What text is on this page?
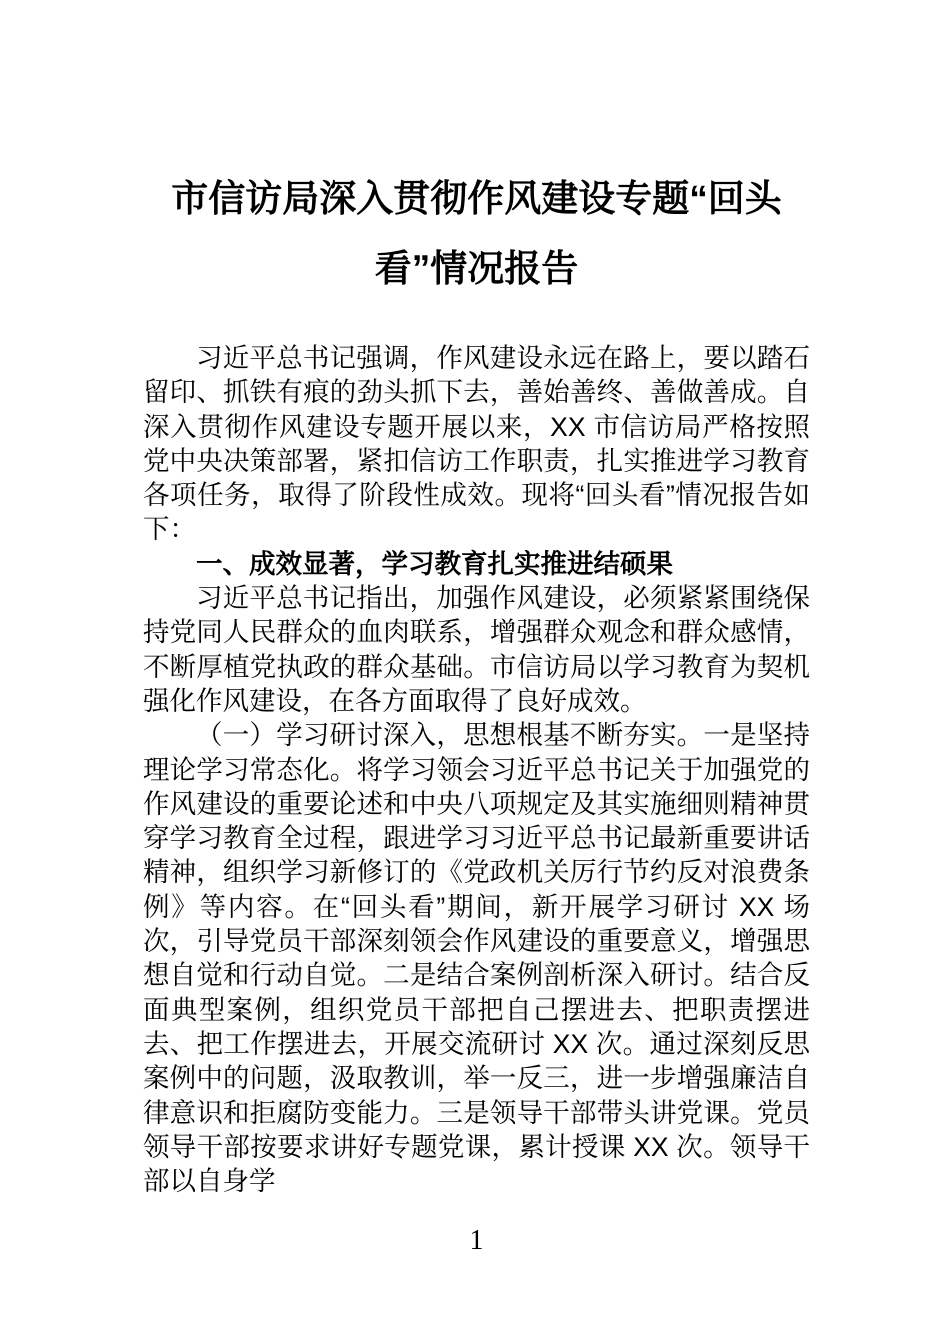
市信访局深入贯彻作风建设专题“回头
看”情况报告

习近平总书记强调，作风建设永远在路上，要以踏石留印、抓铁有痕的劲头抓下去，善始善终、善做善成。自深入贯彻作风建设专题开展以来，XX 市信访局严格按照党中央决策部署，紧扣信访工作职责，扎实推进学习教育各项任务，取得了阶段性成效。现将“回头看”情况报告如下：

一、成效显著，学习教育扎实推进结硕果

习近平总书记指出，加强作风建设，必须紧紧围绕保持党同人民群众的血肉联系，增强群众观念和群众感情，不断厚植党执政的群众基础。市信访局以学习教育为契机强化作风建设，在各方面取得了良好成效。

（一）学习研讨深入，思想根基不断夯实。一是坚持理论学习常态化。将学习领会习近平总书记关于加强党的作风建设的重要论述和中央八项规定及其实施细则精神贯穿学习教育全过程，跟进学习习近平总书记最新重要讲话精神，组织学习新修订的《党政机关厉行节约反对浪费条例》等内容。在“回头看”期间，新开展学习研讨 XX 场次，引导党员干部深刻领会作风建设的重要意义，增强思想自觉和行动自觉。二是结合案例剖析深入研讨。结合反面典型案例，组织党员干部把自己摆进去、把职责摆进去、把工作摆进去，开展交流研讨 XX 次。通过深刻反思案例中的问题，汲取教训，举一反三，进一步增强廉洁自律意识和拒腐防变能力。三是领导干部带头讲党课。党员领导干部按要求讲好专题党课，累计授课 XX 次。领导干部以自身学

1
